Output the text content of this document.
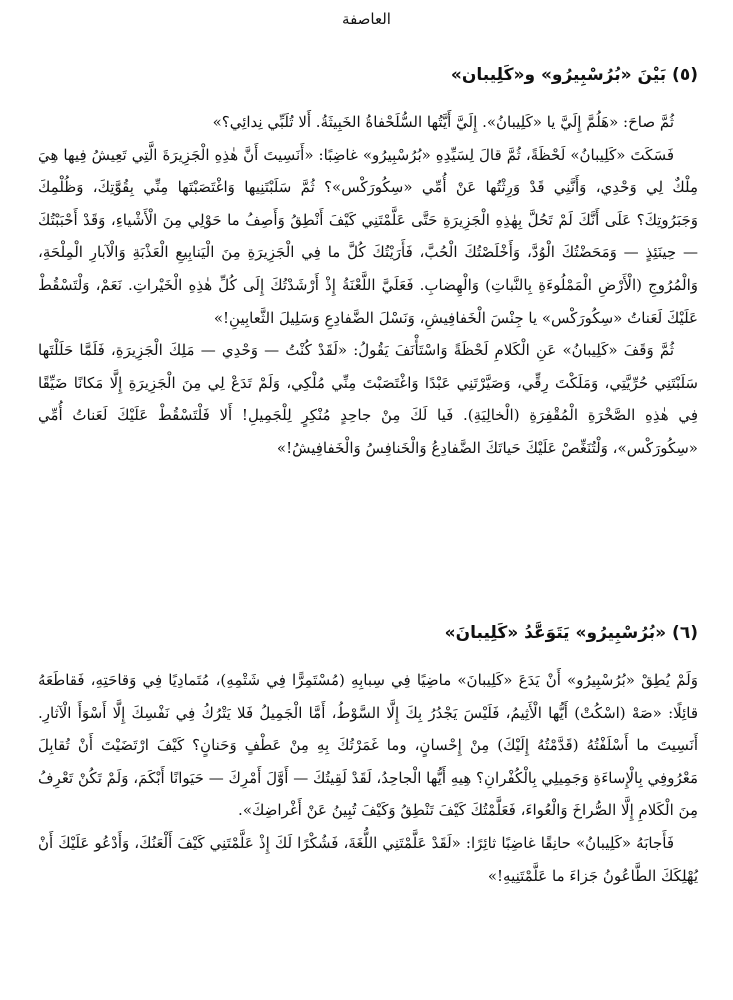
العاصفة
(٥) بَيْنَ «بُرُسْبِيرُو» و«كَلِيبان»

ثُمَّ صاحَ: «هَلُمَّ إِلَيَّ يا «كَلِيبانُ». إِلَيَّ أَيَّتُها السُّلَحْفاةُ الخَبِيثَةُ. أَلا تُلَبِّي نِدائِي؟»

فَسَكَتَ «كَلِيبانُ» لَحْظَةً، ثُمَّ قالَ لِسَيِّدِهِ «بُرُسْبِيرُو» غاضِبًا: «أَنَسِيتَ أَنَّ هٰذِهِ الْجَزِيرَةَ الَّتِي تَعِيشُ فِيها هِيَ مِلْكٌ لِي وَحْدِي، وَأَنَّنِي قَدْ وَرِثْتُها عَنْ أُمِّي «سِكُورَكْس»؟ ثُمَّ سَلَبْتَنِيها وَاغْتَصَبْتَها مِنِّي بِقُوَّتِكَ، وَظُلْمِكَ وَجَبَرُوتِكَ؟ عَلَى أَنَّكَ لَمْ تَحُلَّ بِهٰذِهِ الْجَزِيرَةِ حَتَّى عَلَّمْتَنِي كَيْفَ أَنْطِقُ وَأَصِفُ ما حَوْلِي مِنَ الْأَشْياءِ، وَقَدْ أَحْبَبْتُكَ — حِينَئِذٍ — وَمَحَضْتُكَ الْوُدَّ، وَأَخْلَصْتُكَ الْحُبَّ، فَأَرَيْتُكَ كُلَّ ما فِي الْجَزِيرَةِ مِنَ الْيَنابِيعِ الْعَذْبَةِ وَالْآبارِ الْمِلْحَةِ، وَالْمُرُوجِ (الْأَرْضِ الْمَمْلُوءَةِ بِالنَّباتِ) وَالْهِضابِ. فَعَلَيَّ اللَّعْنَةُ إِذْ أَرْشَدْتُكَ إِلَى كُلِّ هٰذِهِ الْخَيْراتِ. نَعَمْ، وَلْتَسْقُطْ عَلَيْكَ لَعَناتُ «سِكُورَكْس» يا جِنْسَ الْخَفافِيشِ، وَنَسْلَ الضَّفادِعِ وَسَلِيلَ الثَّعابِينِ!»

ثُمَّ وَقَفَ «كَلِيبانُ» عَنِ الْكَلامِ لَحْظَةً وَاسْتَأْنَفَ يَقُولُ: «لَقَدْ كُنْتُ — وَحْدِي — مَلِكَ الْجَزِيرَةِ، فَلَمَّا حَلَلْتَها سَلَبْتَنِي حُرِّيَّتِي، وَمَلَكْتَ رِقِّي، وَصَيَّرْتَنِي عَبْدًا وَاغْتَصَبْتَ مِنِّي مُلْكِي، وَلَمْ تَدَعْ لِي مِنَ الْجَزِيرَةِ إِلَّا مَكانًا ضَيِّقًا فِي هٰذِهِ الصَّخْرَةِ الْمُقْفِرَةِ (الْخالِيَةِ). فَيا لَكَ مِنْ جاحِدٍ مُنْكِرٍ لِلْجَمِيلِ! أَلا فَلْتَسْقُطْ عَلَيْكَ لَعَناتُ أُمِّي «سِكُورَكْس»، وَلْتُنَغِّصْ عَلَيْكَ حَياتَكَ الضَّفادِعُ وَالْخَنافِسُ وَالْخَفافِيشُ!»

(٦) «بُرُسْبِيرُو» يَتَوَعَّدُ «كَلِيبانَ»

وَلَمْ يُطِقْ «بُرُسْبِيرُو» أَنْ يَدَعَ «كَلِيبانَ» ماضِيًا فِي سِبابِهِ (مُسْتَمِرًّا فِي شَتْمِهِ)، مُتَمادِيًا فِي وَقاحَتِهِ، فَقاطَعَهُ قائِلًا: «صَهْ (اسْكُتْ) أَيُّها الْأَثِيمُ، فَلَيْسَ يَجْدُرُ بِكَ إِلَّا السَّوْطُ، أَمَّا الْجَمِيلُ فَلا يَتْرُكُ فِي نَفْسِكَ إِلَّا أَسْوَأَ الْآثارِ. أَنَسِيتَ ما أَسْلَفْتُهُ (قَدَّمْتُهُ إِلَيْكَ) مِنْ إِحْسانٍ، وما غَمَرْتُكَ بِهِ مِنْ عَطْفٍ وَحَنانٍ؟ كَيْفَ ارْتَضَيْتَ أَنْ تُقابِلَ مَعْرُوفِي بِالْإِساءَةِ وَجَمِيلِي بِالْكُفْرانِ؟ هِيهِ أَيُّها الْجاحِدُ، لَقَدْ لَقِيتُكَ — أَوَّلَ أَمْرِكَ — حَيَوانًا أَبْكَمَ، وَلَمْ تَكُنْ تَعْرِفُ مِنَ الْكَلامِ إِلَّا الصُّراخَ وَالْعُواءَ، فَعَلَّمْتُكَ كَيْفَ تَنْطِقُ وَكَيْفَ تُبِينُ عَنْ أَغْراضِكَ».

فَأَجابَهُ «كَلِيبانُ» حانِقًا غاضِبًا ثائِرًا: «لَقَدْ عَلَّمْتَنِي اللُّغَةَ، فَشُكْرًا لَكَ إِذْ عَلَّمْتَنِي كَيْفَ أَلْعَنُكَ، وَأَدْعُو عَلَيْكَ أَنْ يُهْلِكَكَ الطَّاعُونُ جَزاءَ ما عَلَّمْتَنِيهِ!»
